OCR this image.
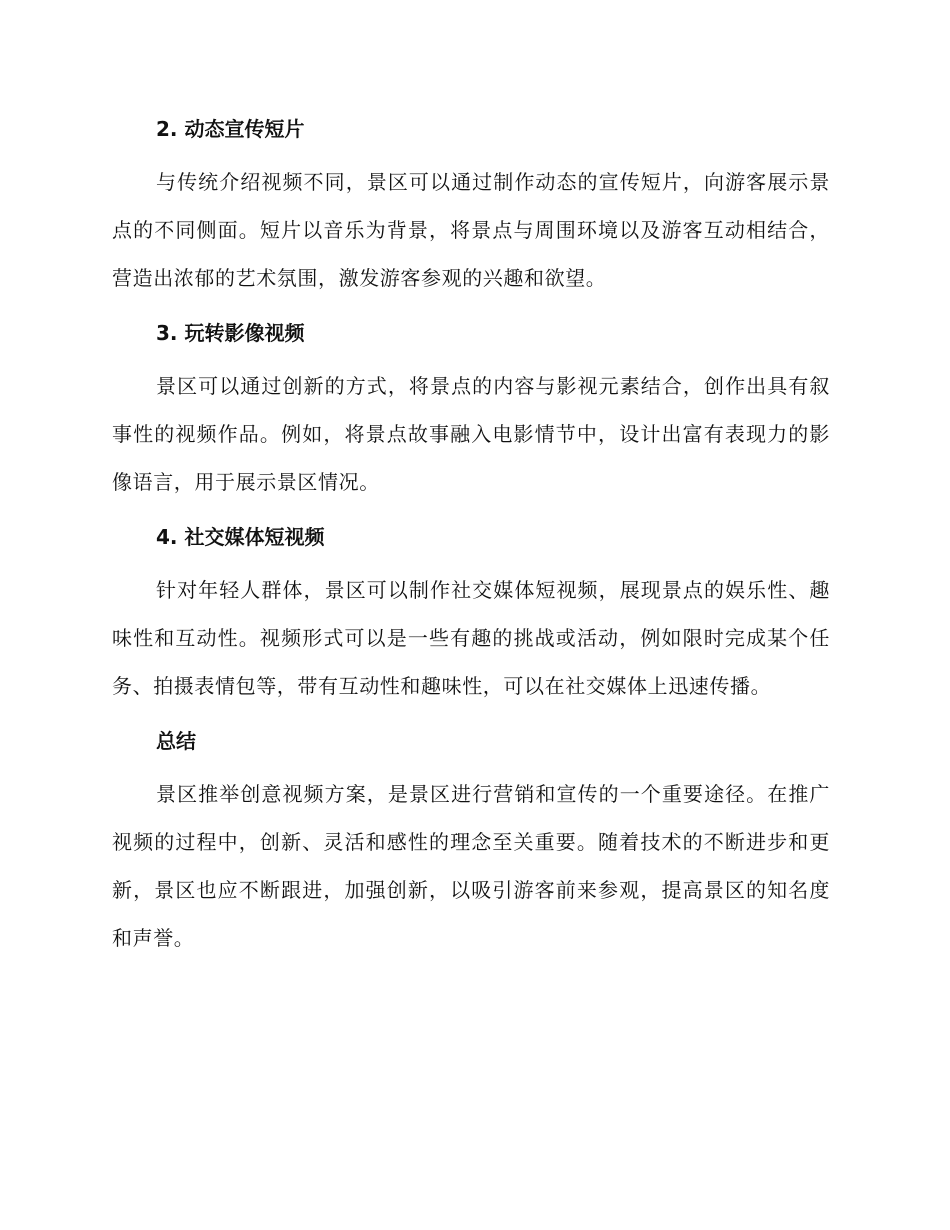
2. 动态宣传短片

与传统介绍视频不同，景区可以通过制作动态的宣传短片，向游客展示景点的不同侧面。短片以音乐为背景，将景点与周围环境以及游客互动相结合，营造出浓郁的艺术氛围，激发游客参观的兴趣和欲望。

3. 玩转影像视频

景区可以通过创新的方式，将景点的内容与影视元素结合，创作出具有叙事性的视频作品。例如，将景点故事融入电影情节中，设计出富有表现力的影像语言，用于展示景区情况。

4. 社交媒体短视频

针对年轻人群体，景区可以制作社交媒体短视频，展现景点的娱乐性、趣味性和互动性。视频形式可以是一些有趣的挑战或活动，例如限时完成某个任务、拍摄表情包等，带有互动性和趣味性，可以在社交媒体上迅速传播。

总结

景区推举创意视频方案，是景区进行营销和宣传的一个重要途径。在推广视频的过程中，创新、灵活和感性的理念至关重要。随着技术的不断进步和更新，景区也应不断跟进，加强创新，以吸引游客前来参观，提高景区的知名度和声誉。
